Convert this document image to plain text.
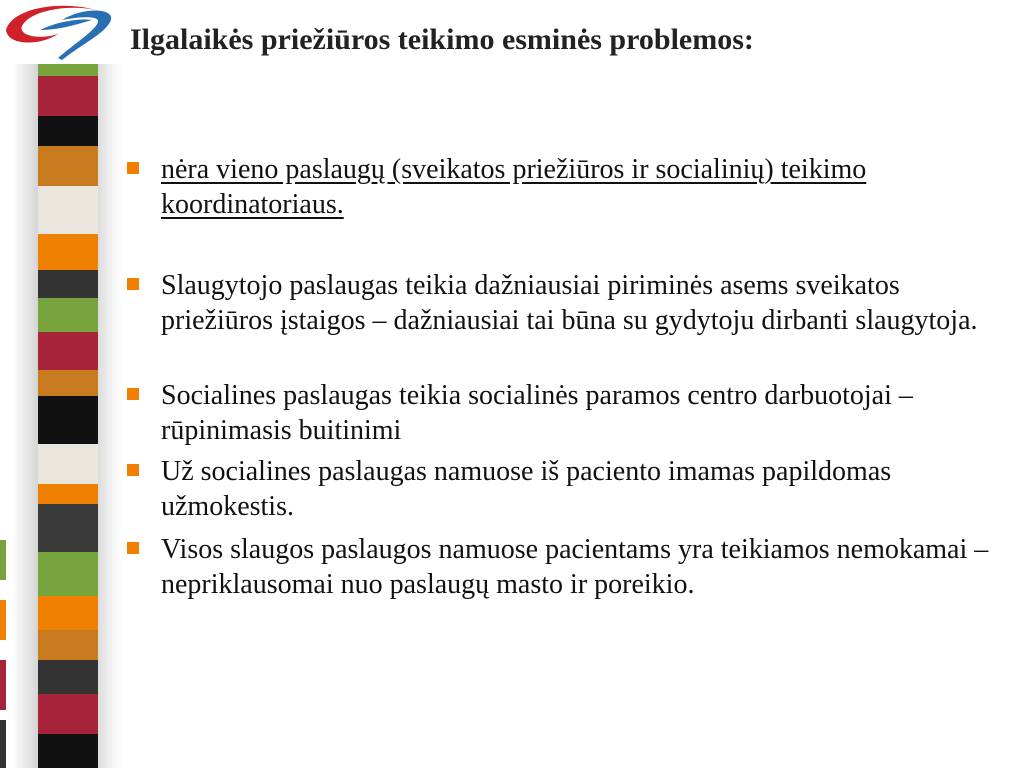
Ilgalaikės priežiūros teikimo esminės problemos:
nėra vieno paslaugų (sveikatos priežiūros ir socialinių) teikimo koordinatoriaus.
Slaugytojo paslaugas teikia dažniausiai piriminės asems sveikatos priežiūros įstaigos – dažniausiai tai būna su gydytoju dirbanti slaugytoja.
Socialines paslaugas teikia socialinės paramos centro darbuotojai – rūpinimasis buitinimi
Už socialines paslaugas namuose iš paciento imamas papildomas užmokestis.
Visos slaugos paslaugos namuose pacientams yra teikiamos nemokamai – nepriklausomai nuo paslaugų masto ir poreikio.
